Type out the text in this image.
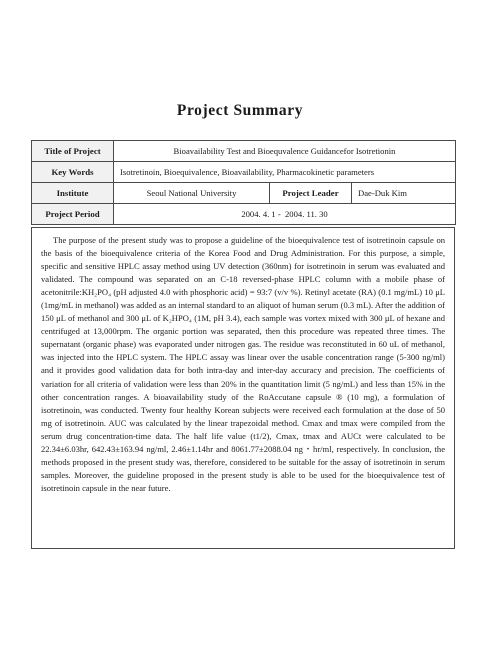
Project Summary
Title of Project	Bioavailability Test and Bioequvalence Guidancefor Isotretionin		
Key Words	Isotretinoin, Bioequivalence, Bioavailability, Pharmacokinetic parameters		
Institute	Seoul National University	Project Leader	Dae-Duk Kim
Project Period	2004. 4. 1 -  2004. 11. 30		

The purpose of the present study was to propose a guideline of the bioequivalence test of isotretinoin capsule on the basis of the bioequivalence criteria of the Korea Food and Drug Administration. For this purpose, a simple, specific and sensitive HPLC assay method using UV detection (360nm) for isotretinoin in serum was evaluated and validated. The compound was separated on an C-18 reversed-phase HPLC column with a mobile phase of acetonitrile:KH₂PO₄ (pH adjusted 4.0 with phosphoric acid) = 93:7 (v/v %). Retinyl acetate (RA) (0.1 mg/mL) 10 μL (1mg/mL in methanol) was added as an internal standard to an aliquot of human serum (0.3 mL). After the addition of 150 μL of methanol and 300 μL of K₂HPO₄ (1M, pH 3.4), each sample was vortex mixed with 300 μL of hexane and centrifuged at 13,000rpm. The organic portion was separated, then this procedure was repeated three times. The supernatant (organic phase) was evaporated under nitrogen gas. The residue was reconstituted in 60 uL of methanol, was injected into the HPLC system. The HPLC assay was linear over the usable concentration range (5-300 ng/ml) and it provides good validation data for both intra-day and inter-day accuracy and precision. The coefficients of variation for all criteria of validation were less than 20% in the quantitation limit (5 ng/mL) and less than 15% in the other concentration ranges. A bioavailability study of the RoAccutane capsule ® (10 mg), a formulation of isotretinoin, was conducted. Twenty four healthy Korean subjects were received each formulation at the dose of 50 mg of isotretinoin. AUC was calculated by the linear trapezoidal method. Cmax and tmax were compiled from the serum drug concentration-time data. The half life value (t1/2), Cmax, tmax and AUCt were calculated to be 22.34±6.03hr, 642.43±163.94 ng/ml, 2.46±1.14hr and 8061.77±2088.04 ng・hr/ml, respectively. In conclusion, the methods proposed in the present study was, therefore, considered to be suitable for the assay of isotretinoin in serum samples. Moreover, the guideline proposed in the present study is able to be used for the bioequivalence test of isotretinoin capsule in the near future.
